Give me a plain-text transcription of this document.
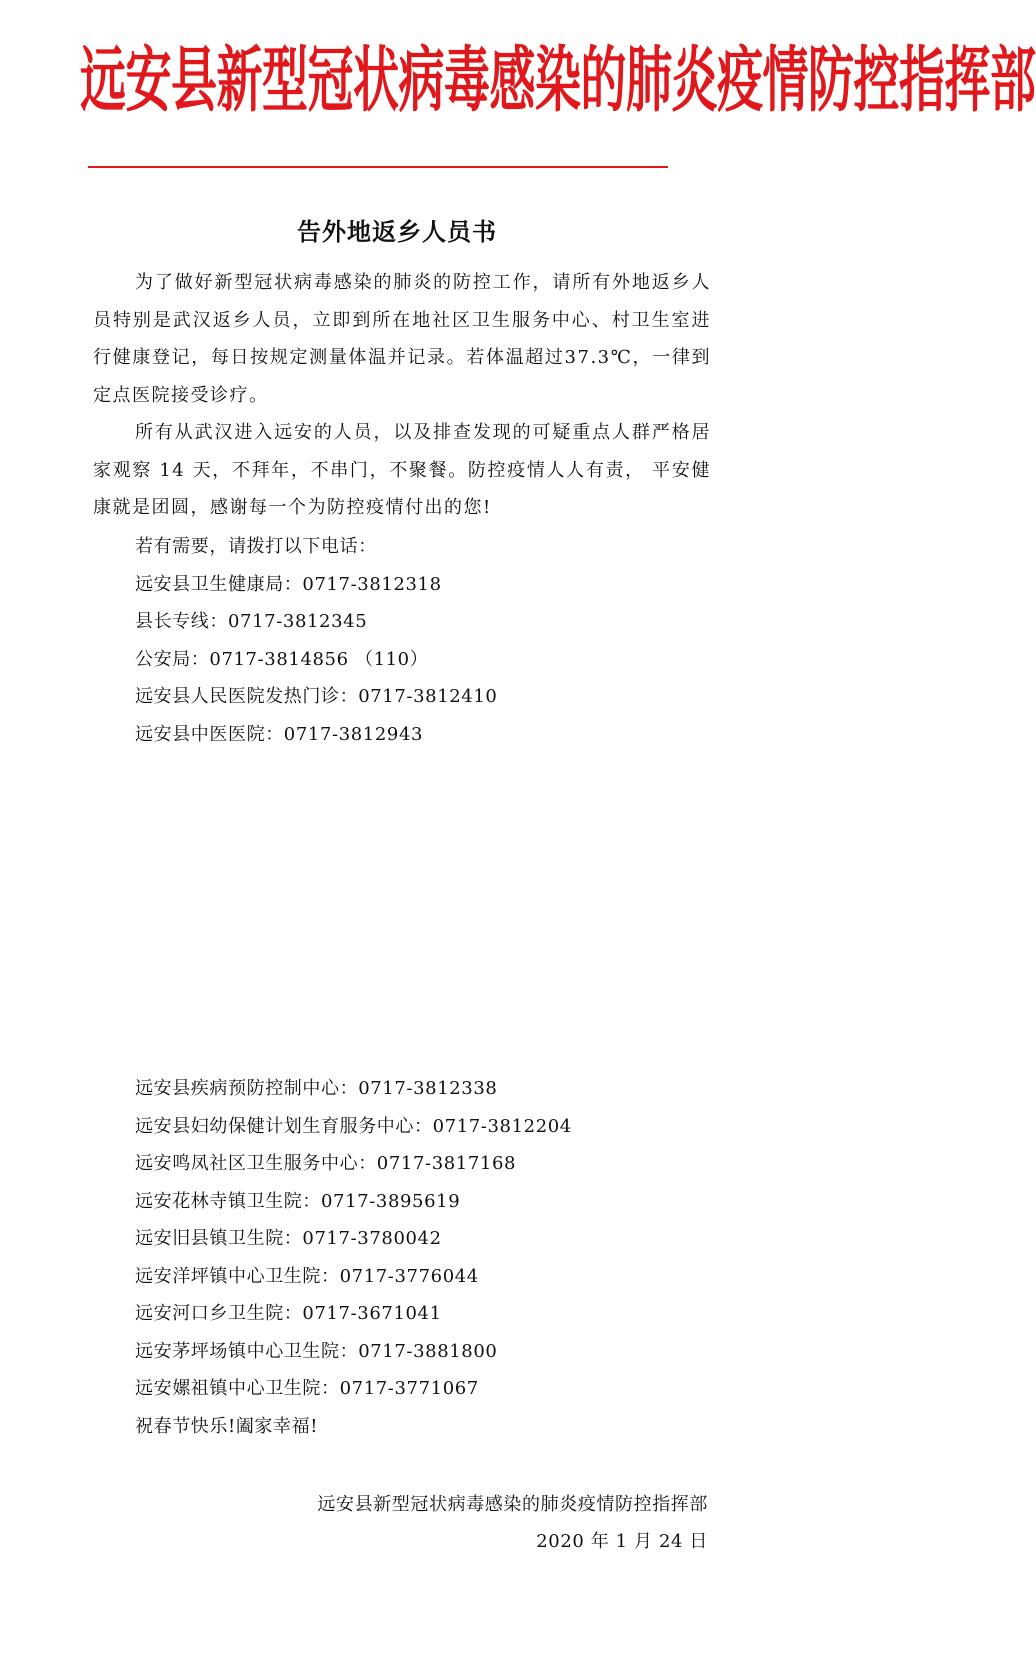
远安县新型冠状病毒感染的肺炎疫情防控指挥部
告外地返乡人员书

为了做好新型冠状病毒感染的肺炎的防控工作，请所有外地返乡人员特别是武汉返乡人员，立即到所在地社区卫生服务中心、村卫生室进行健康登记，每日按规定测量体温并记录。若体温超过37.3℃，一律到定点医院接受诊疗。

所有从武汉进入远安的人员，以及排查发现的可疑重点人群严格居家观察 14 天，不拜年，不串门，不聚餐。防控疫情人人有责， 平安健康就是团圆，感谢每一个为防控疫情付出的您!

若有需要，请拨打以下电话：
远安县卫生健康局：0717-3812318
县长专线：0717-3812345
公安局：0717-3814856 （110）
远安县人民医院发热门诊：0717-3812410
远安县中医医院：0717-3812943
远安县疾病预防控制中心：0717-3812338
远安县妇幼保健计划生育服务中心：0717-3812204
远安鸣凤社区卫生服务中心：0717-3817168
远安花林寺镇卫生院：0717-3895619
远安旧县镇卫生院：0717-3780042
远安洋坪镇中心卫生院：0717-3776044
远安河口乡卫生院：0717-3671041
远安茅坪场镇中心卫生院：0717-3881800
远安嫘祖镇中心卫生院：0717-3771067
祝春节快乐!阖家幸福!
远安县新型冠状病毒感染的肺炎疫情防控指挥部
2020 年 1 月 24 日
